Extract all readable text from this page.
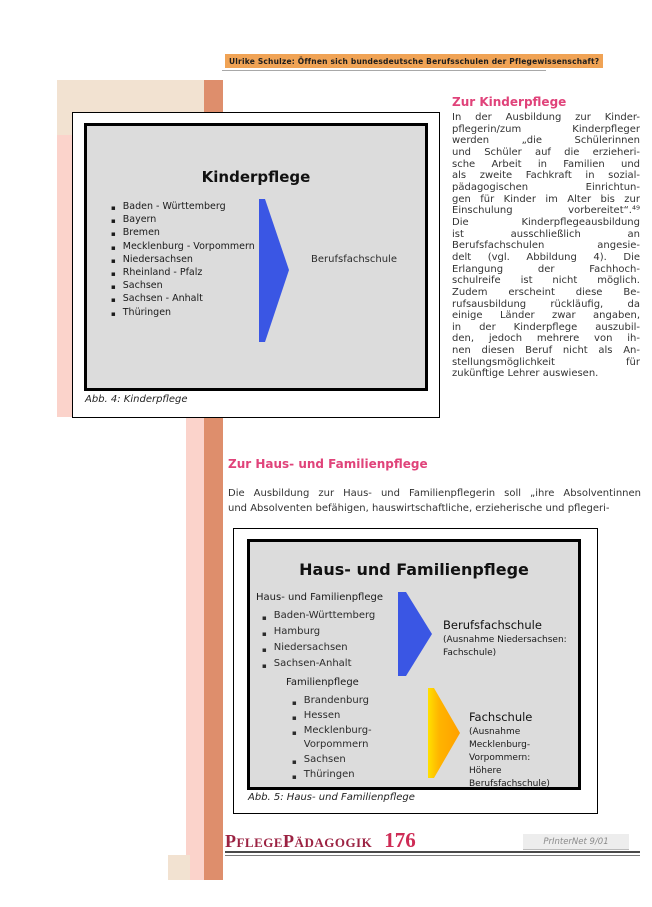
Ulrike Schulze: Öffnen sich bundesdeutsche Berufsschulen der Pflegewissenschaft?
Kinderpflege
▪ Baden - Württemberg
▪ Bayern
▪ Bremen
▪ Mecklenburg - Vorpommern
▪ Niedersachsen
▪ Rheinland - Pfalz
▪ Sachsen
▪ Sachsen - Anhalt
▪ Thüringen
Berufsfachschule
Abb. 4: Kinderpflege
Zur Kinderpflege
In der Ausbildung zur Kinder-
pflegerin/zum Kinderpfleger
werden „die Schülerinnen
und Schüler auf die erzieheri-
sche Arbeit in Familien und
als zweite Fachkraft in sozial-
pädagogischen Einrichtun-
gen für Kinder im Alter bis zur
Einschulung vorbereitet“.⁴⁹
Die Kinderpflegeausbildung
ist ausschließlich an
Berufsfachschulen angesie-
delt (vgl. Abbildung 4). Die
Erlangung der Fachhoch-
schulreife ist nicht möglich.
Zudem erscheint diese Be-
rufsausbildung rückläufig, da
einige Länder zwar angaben,
in der Kinderpflege auszubil-
den, jedoch mehrere von ih-
nen diesen Beruf nicht als An-
stellungsmöglichkeit für
zukünftige Lehrer auswiesen.
Zur Haus- und Familienpflege
Die Ausbildung zur Haus- und Familienpflegerin soll „ihre Absolventinnen
und Absolventen befähigen, hauswirtschaftliche, erzieherische und pflegeri-
Haus- und Familienpflege
Haus- und Familienpflege
▪ Baden-Württemberg
▪ Hamburg
▪ Niedersachsen
▪ Sachsen-Anhalt
Berufsfachschule
(Ausnahme Niedersachsen:
Fachschule)
Familienpflege
▪ Brandenburg
▪ Hessen
▪ Mecklenburg-Vorpommern
▪ Sachsen
▪ Thüringen
Fachschule
(Ausnahme Mecklenburg-
Vorpommern:
Höhere Berufsfachschule)
Abb. 5: Haus- und Familienpflege
PflegePädagogik 176	PrInterNet 9/01
